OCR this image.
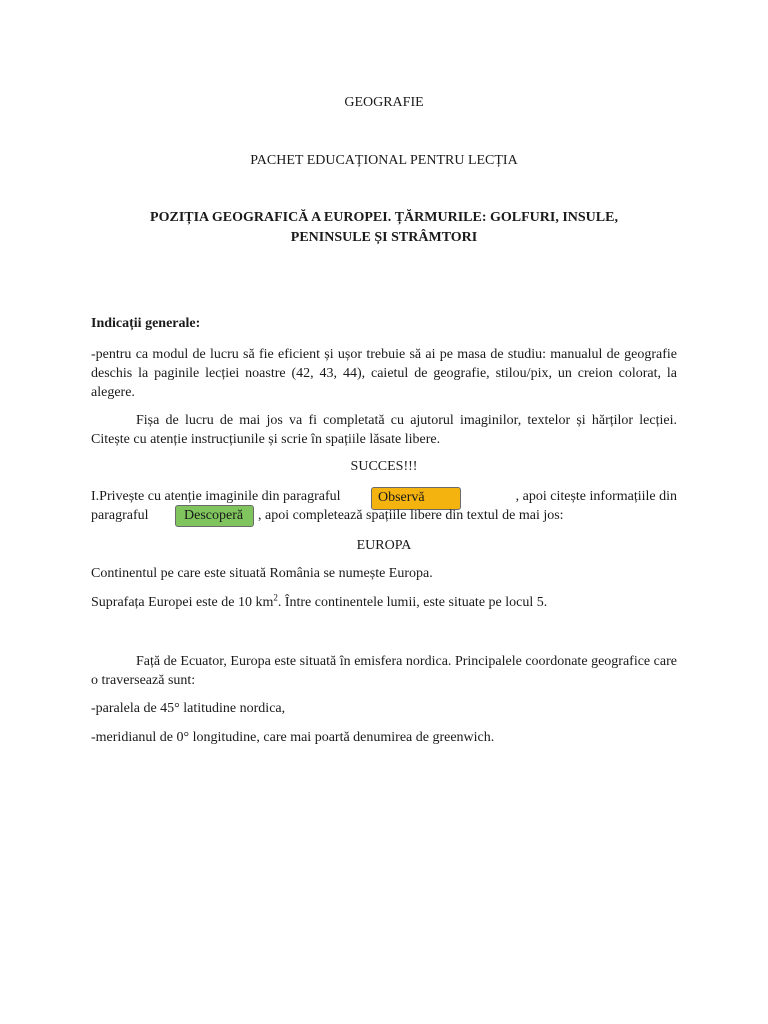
GEOGRAFIE
PACHET EDUCAȚIONAL PENTRU LECȚIA
POZIȚIA GEOGRAFICĂ A EUROPEI. ȚĂRMURILE: GOLFURI, INSULE,
PENINSULE ȘI STRÂMTORI
Indicații generale:
-pentru ca modul de lucru să fie eficient și ușor trebuie să ai pe masa de studiu: manualul de geografie deschis la paginile lecției noastre (42, 43, 44), caietul de geografie, stilou/pix, un creion colorat, la alegere.
Fișa de lucru de mai jos va fi completată cu ajutorul imaginilor, textelor și hărților lecției. Citește cu atenție instrucțiunile și scrie în spațiile lăsate libere.
SUCCES!!!
I.Privește cu atenție imaginile din paragraful	, apoi citește informațiile din
Observă
paragraful	Descoperă	, apoi completează spațiile libere din textul de mai jos:
EUROPA
Continentul pe care este situată România se numește Europa.
Suprafața Europei este de 10 $km^2$. Între continentele lumii, este situate pe locul 5.
Față de Ecuator, Europa este situată în emisfera nordica. Principalele coordonate geografice care o traversează sunt:
-paralela de 45° latitudine nordica,
-meridianul de 0° longitudine, care mai poartă denumirea de greenwich.
